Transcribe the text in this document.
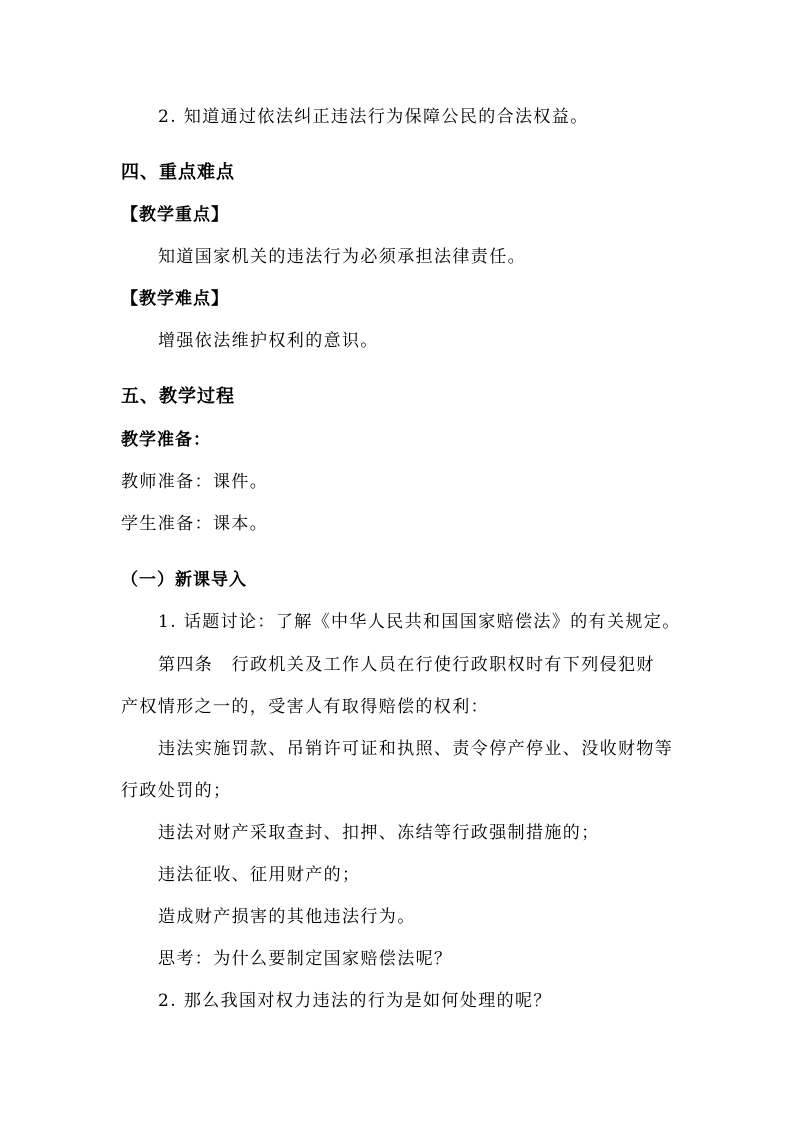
2. 知道通过依法纠正违法行为保障公民的合法权益。
四、重点难点
【教学重点】
知道国家机关的违法行为必须承担法律责任。
【教学难点】
增强依法维护权利的意识。
五、教学过程
教学准备：
教师准备：课件。
学生准备：课本。
（一）新课导入
1. 话题讨论：了解《中华人民共和国国家赔偿法》的有关规定。
第四条　行政机关及工作人员在行使行政职权时有下列侵犯财
产权情形之一的，受害人有取得赔偿的权利：
违法实施罚款、吊销许可证和执照、责令停产停业、没收财物等
行政处罚的；
违法对财产采取查封、扣押、冻结等行政强制措施的；
违法征收、征用财产的；
造成财产损害的其他违法行为。
思考：为什么要制定国家赔偿法呢？
2. 那么我国对权力违法的行为是如何处理的呢？
